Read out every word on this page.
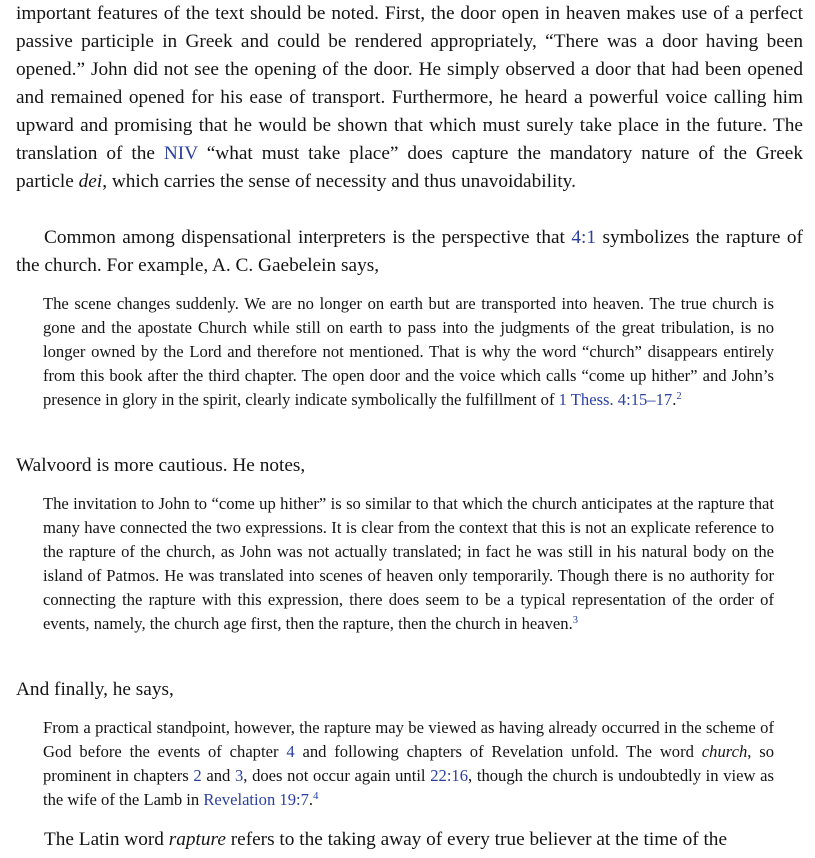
important features of the text should be noted. First, the door open in heaven makes use of a perfect passive participle in Greek and could be rendered appropriately, “There was a door having been opened.” John did not see the opening of the door. He simply observed a door that had been opened and remained opened for his ease of transport. Furthermore, he heard a powerful voice calling him upward and promising that he would be shown that which must surely take place in the future. The translation of the NIV “what must take place” does capture the mandatory nature of the Greek particle dei, which carries the sense of necessity and thus unavoidability.

Common among dispensational interpreters is the perspective that 4:1 symbolizes the rapture of the church. For example, A. C. Gaebelein says,

The scene changes suddenly. We are no longer on earth but are transported into heaven. The true church is gone and the apostate Church while still on earth to pass into the judgments of the great tribulation, is no longer owned by the Lord and therefore not mentioned. That is why the word “church” disappears entirely from this book after the third chapter. The open door and the voice which calls “come up hither” and John’s presence in glory in the spirit, clearly indicate symbolically the fulfillment of 1 Thess. 4:15–17.$^2$

Walvoord is more cautious. He notes,

The invitation to John to “come up hither” is so similar to that which the church anticipates at the rapture that many have connected the two expressions. It is clear from the context that this is not an explicate reference to the rapture of the church, as John was not actually translated; in fact he was still in his natural body on the island of Patmos. He was translated into scenes of heaven only temporarily. Though there is no authority for connecting the rapture with this expression, there does seem to be a typical representation of the order of events, namely, the church age first, then the rapture, then the church in heaven.$^3$

And finally, he says,

From a practical standpoint, however, the rapture may be viewed as having already occurred in the scheme of God before the events of chapter 4 and following chapters of Revelation unfold. The word church, so prominent in chapters 2 and 3, does not occur again until 22:16, though the church is undoubtedly in view as the wife of the Lamb in Revelation 19:7.$^4$

The Latin word rapture refers to the taking away of every true believer at the time of the
